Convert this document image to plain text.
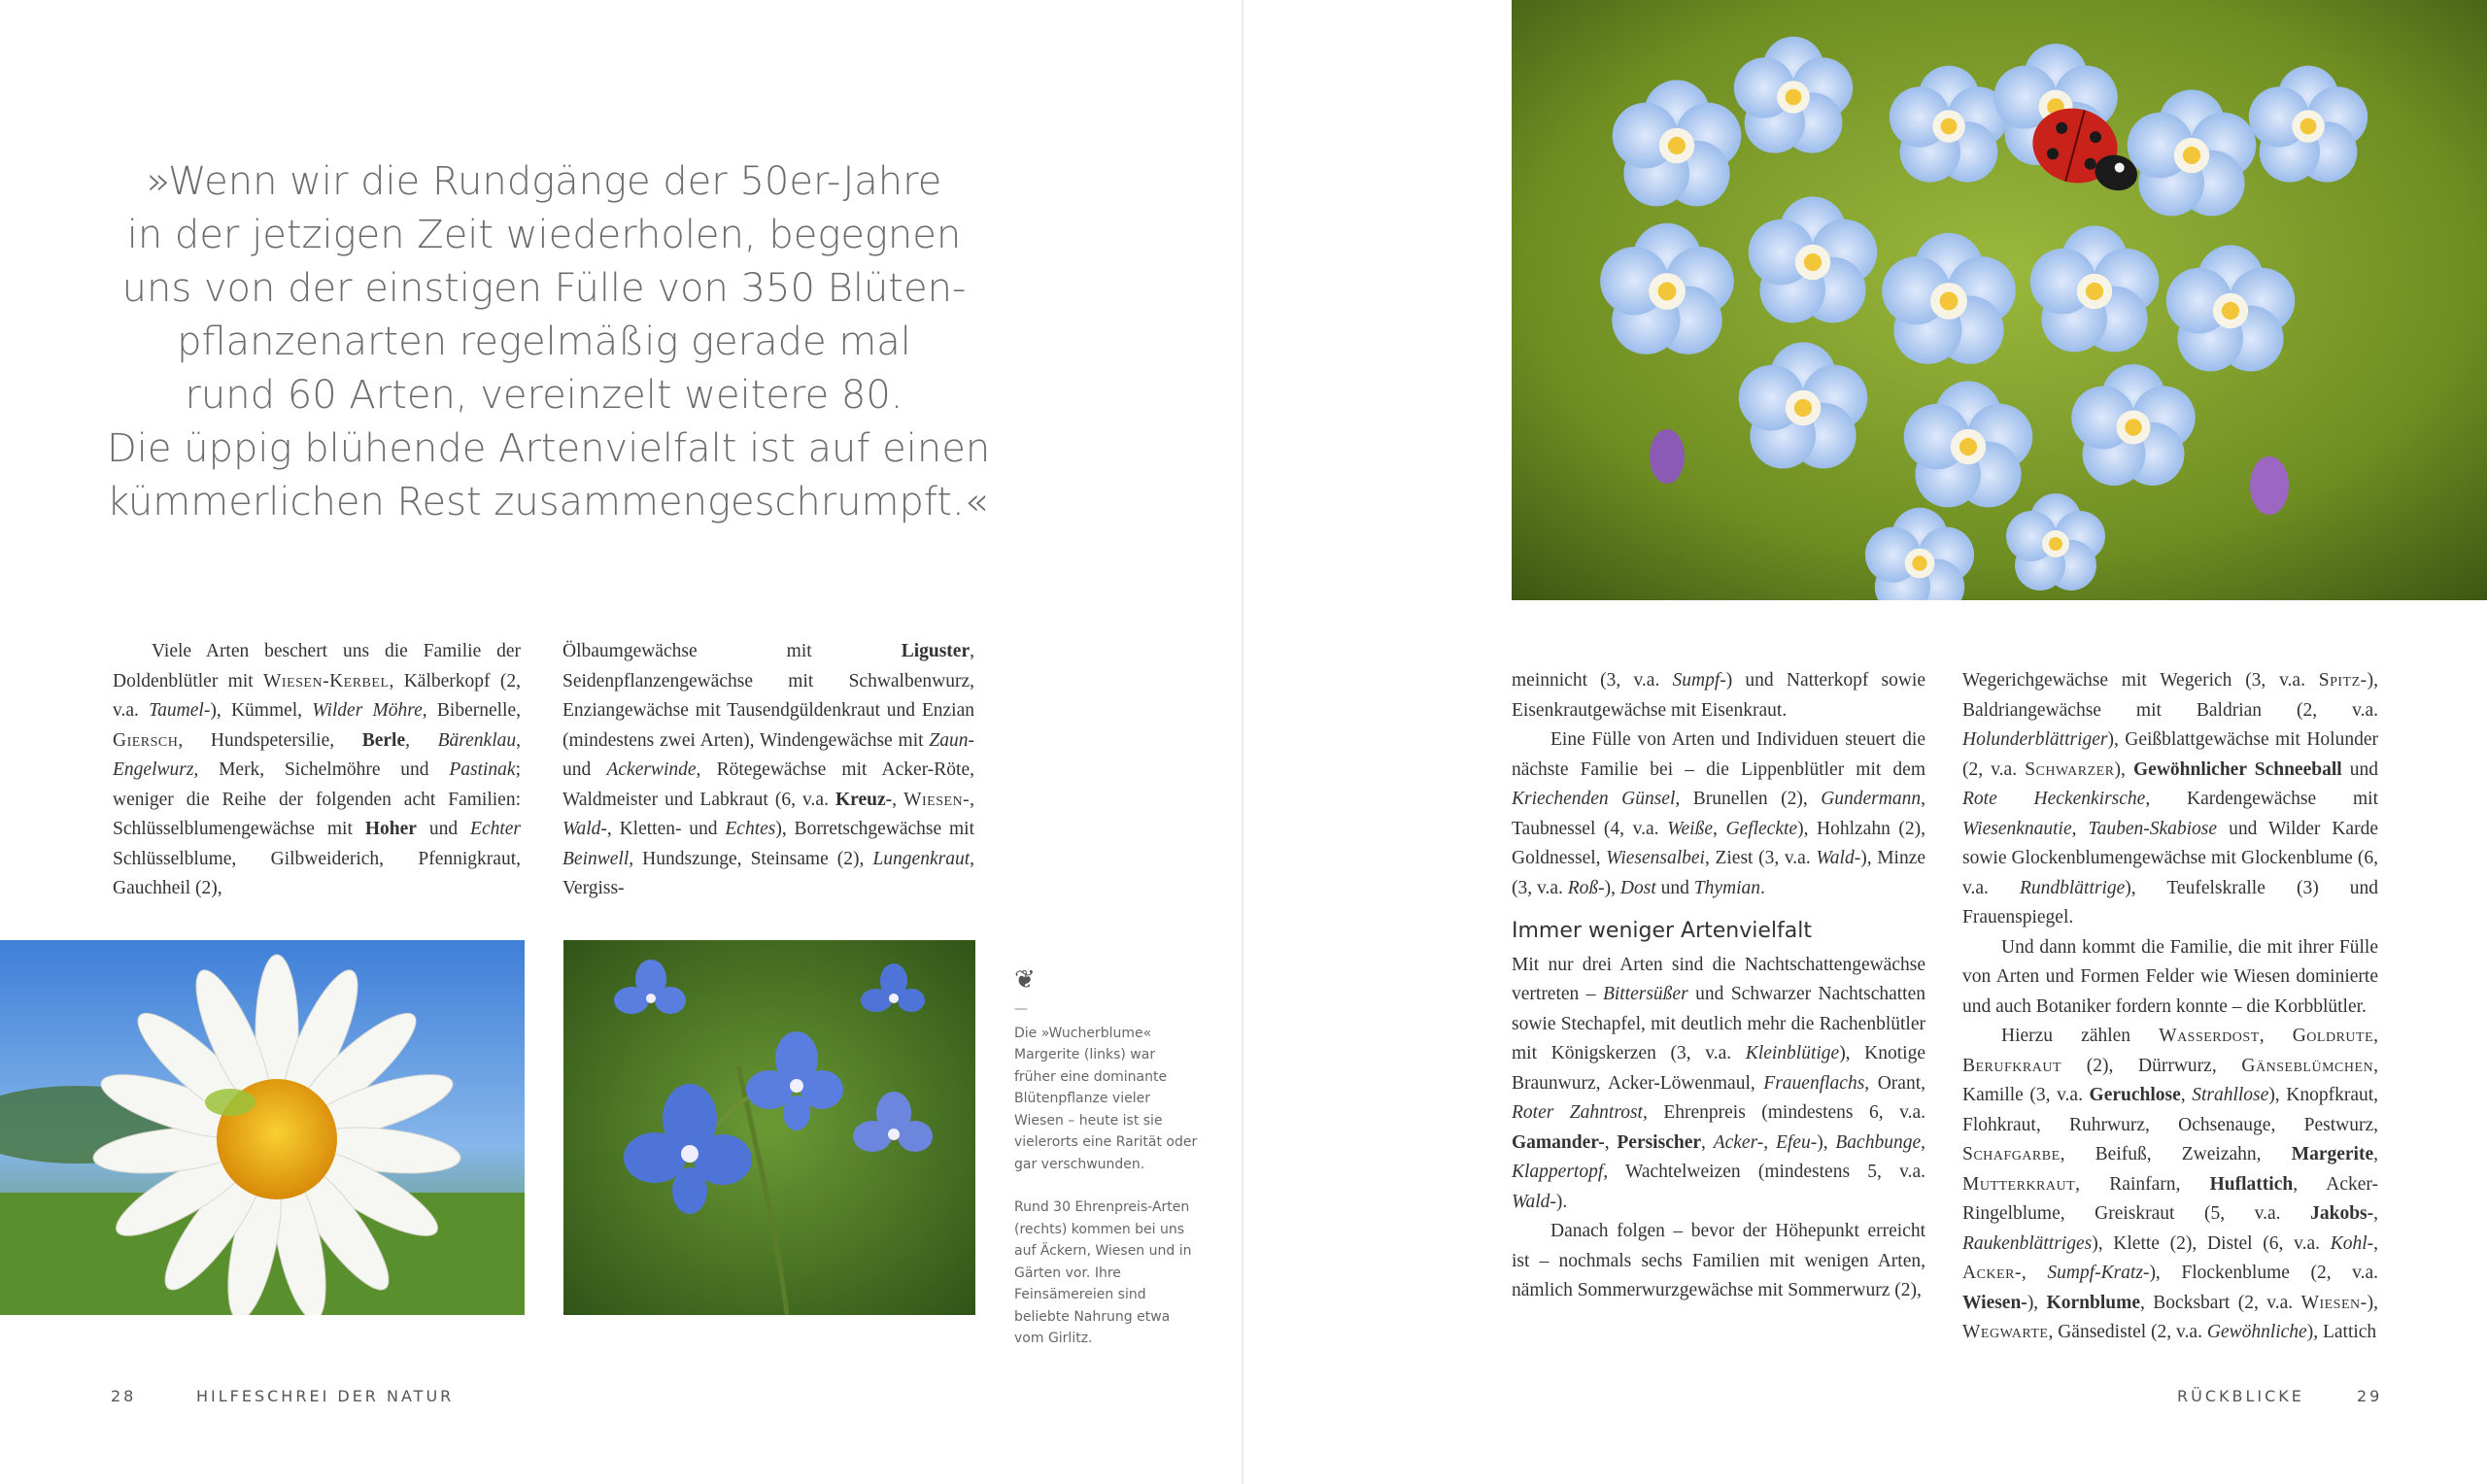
»Wenn wir die Rundgänge der 50er-Jahre
in der jetzigen Zeit wiederholen, begegnen
uns von der einstigen Fülle von 350 Blüten-
pflanzenarten regelmäßig gerade mal
rund 60 Arten, vereinzelt weitere 80.
Die üppig blühende Artenvielfalt ist auf einen
kümmerlichen Rest zusammengeschrumpft.«

Viele Arten beschert uns die Familie der Doldenblütler mit Wiesen-Kerbel, Kälberkopf (2, v.a. Taumel-), Kümmel, Wilder Möhre, Bibernelle, Giersch, Hundspetersilie, Berle, Bärenklau, Engelwurz, Merk, Sichelmöhre und Pastinak; weniger die Reihe der folgenden acht Familien: Schlüsselblumengewächse mit Hoher und Echter Schlüsselblume, Gilbweiderich, Pfennigkraut, Gauchheil (2),

Ölbaumgewächse mit Liguster, Seidenpflanzengewächse mit Schwalbenwurz, Enziangewächse mit Tausendgüldenkraut und Enzian (mindestens zwei Arten), Windengewächse mit Zaun- und Ackerwinde, Rötegewächse mit Acker-Röte, Waldmeister und Labkraut (6, v.a. Kreuz-, Wiesen-, Wald-, Kletten- und Echtes), Borretschgewächse mit Beinwell, Hundszunge, Steinsame (2), Lungenkraut, Vergiss-

❦
—

Die »Wucherblume« Margerite (links) war früher eine dominante Blütenpflanze vieler Wiesen – heute ist sie vielerorts eine Rarität oder gar verschwunden.

Rund 30 Ehrenpreis-Arten (rechts) kommen bei uns auf Äckern, Wiesen und in Gärten vor. Ihre Feinsämereien sind beliebte Nahrung etwa vom Girlitz.

28	HILFESCHREI DER NATUR

meinnicht (3, v.a. Sumpf-) und Natterkopf sowie Eisenkrautgewächse mit Eisenkraut.

Eine Fülle von Arten und Individuen steuert die nächste Familie bei – die Lippenblütler mit dem Kriechenden Günsel, Brunellen (2), Gundermann, Taubnessel (4, v.a. Weiße, Gefleckte), Hohlzahn (2), Goldnessel, Wiesensalbei, Ziest (3, v.a. Wald-), Minze (3, v.a. Roß-), Dost und Thymian.

Immer weniger Artenvielfalt

Mit nur drei Arten sind die Nachtschattengewächse vertreten – Bittersüßer und Schwarzer Nachtschatten sowie Stechapfel, mit deutlich mehr die Rachenblütler mit Königskerzen (3, v.a. Kleinblütige), Knotige Braunwurz, Acker-Löwenmaul, Frauenflachs, Orant, Roter Zahntrost, Ehrenpreis (mindestens 6, v.a. Gamander-, Persischer, Acker-, Efeu-), Bachbunge, Klappertopf, Wachtelweizen (mindestens 5, v.a. Wald-).

Danach folgen – bevor der Höhepunkt erreicht ist – nochmals sechs Familien mit wenigen Arten, nämlich Sommerwurzgewächse mit Sommerwurz (2),

Wegerichgewächse mit Wegerich (3, v.a. Spitz-), Baldriangewächse mit Baldrian (2, v.a. Holunderblättriger), Geißblattgewächse mit Holunder (2, v.a. Schwarzer), Gewöhnlicher Schneeball und Rote Heckenkirsche, Kardengewächse mit Wiesenknautie, Tauben-Skabiose und Wilder Karde sowie Glockenblumengewächse mit Glockenblume (6, v.a. Rundblättrige), Teufelskralle (3) und Frauenspiegel.

Und dann kommt die Familie, die mit ihrer Fülle von Arten und Formen Felder wie Wiesen dominierte und auch Botaniker fordern konnte – die Korbblütler.

Hierzu zählen Wasserdost, Goldrute, Berufkraut (2), Dürrwurz, Gänseblümchen, Kamille (3, v.a. Geruchlose, Strahllose), Knopfkraut, Flohkraut, Ruhrwurz, Ochsenauge, Pestwurz, Schafgarbe, Beifuß, Zweizahn, Margerite, Mutterkraut, Rainfarn, Huflattich, Acker-Ringelblume, Greiskraut (5, v.a. Jakobs-, Raukenblättriges), Klette (2), Distel (6, v.a. Kohl-, Acker-, Sumpf-Kratz-), Flockenblume (2, v.a. Wiesen-), Kornblume, Bocksbart (2, v.a. Wiesen-), Wegwarte, Gänsedistel (2, v.a. Gewöhnliche), Lattich

RÜCKBLICKE	29
